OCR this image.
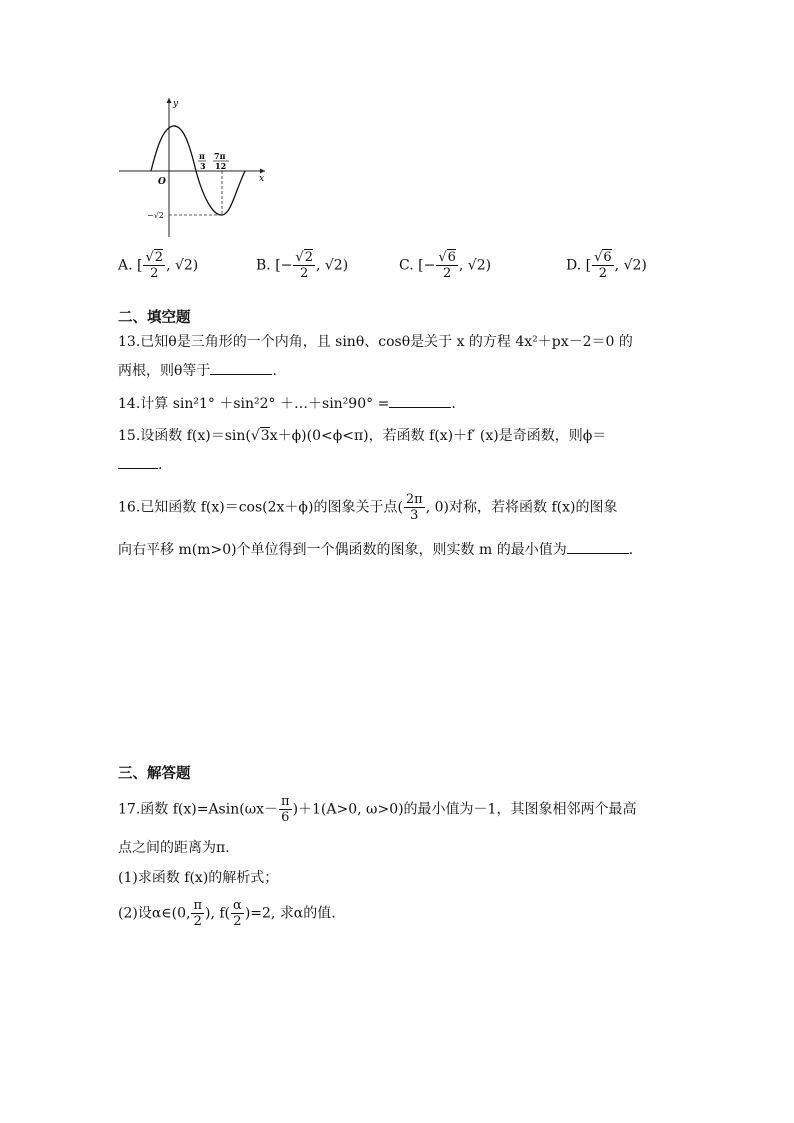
y
x
O
π
3
7π
12
−√2
A. [ $\frac{√2}{2}$ , √2)	B. [− $\frac{√2}{2}$ , √2)	C. [− $\frac{√6}{2}$ , √2)	D. [ $\frac{√6}{2}$ , √2)
二、填空题
13.已知θ是三角形的一个内角，且 sinθ、cosθ是关于 x 的方程 4x²＋px－2＝0 的
两根，则θ等于	.
14.计算 sin²1° ＋sin²2° ＋…＋sin²90° =	.
15.设函数 f(x)＝sin(√3x＋ϕ)(0<ϕ<π)，若函数 f(x)＋f′ (x)是奇函数，则ϕ＝
.
16.已知函数 f(x)＝cos(2x＋ϕ)的图象关于点( $\frac{2\pi}{3}$ , 0)对称，若将函数 f(x)的图象
向右平移 m(m>0)个单位得到一个偶函数的图象，则实数 m 的最小值为	.
三、解答题
17.函数 $f(x)=Asin(\omega x- \frac{\pi}{6} )+1(A>0$, ω>0)的最小值为－1，其图象相邻两个最高
点之间的距离为π.
(1)求函数 f(x)的解析式；
(2)设α∈(0, $\frac{\pi}{2}$ ), $f( \frac{\alpha}{2} )=2$, 求α的值.
